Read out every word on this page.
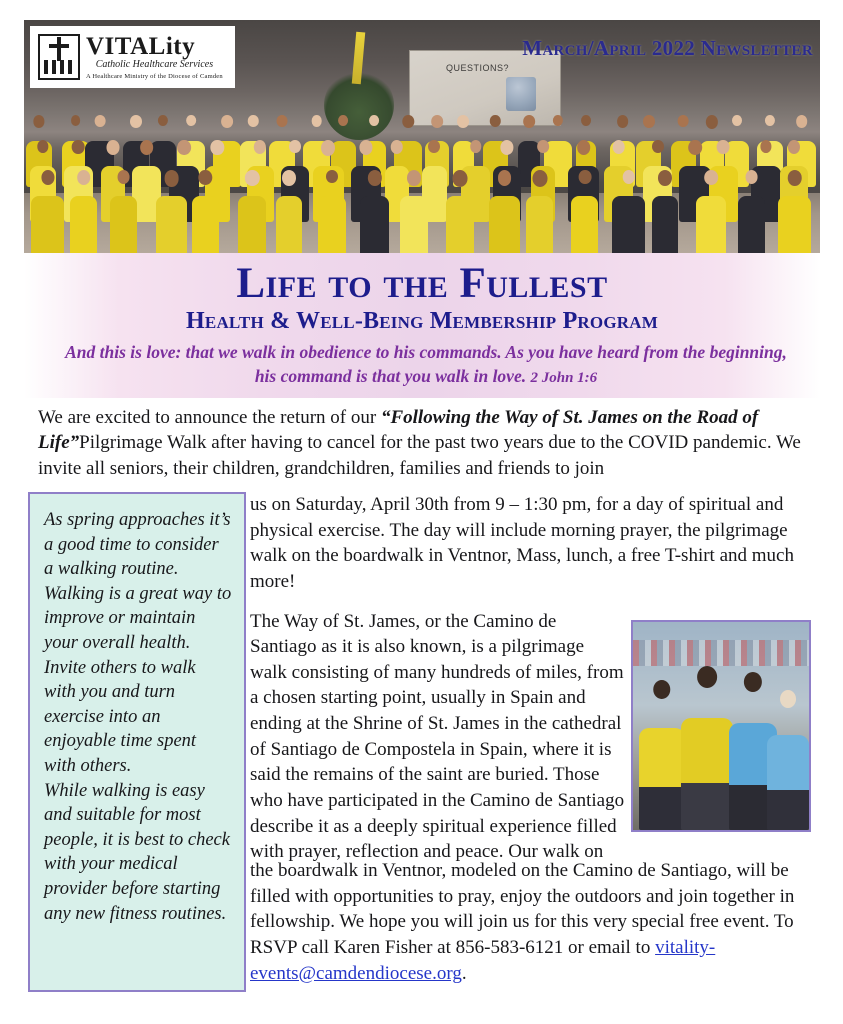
QUESTIONS?
VITALity
Catholic Healthcare Services
A Healthcare Ministry of the Diocese of Camden
March/April 2022 Newsletter
Life to the Fullest
Health & Well-Being Membership Program
And this is love: that we walk in obedience to his commands. As you have heard from the beginning, his command is that you walk in love. 2 John 1:6
We are excited to announce the return of our “Following the Way of St. James on the Road of Life”Pilgrimage Walk after having to cancel for the past two years due to the COVID pandemic. We invite all seniors, their children, grandchildren, families and friends to join

As spring approaches it’s a good time to consider a walking routine. Walking is a great way to improve or maintain your overall health. Invite others to walk with you and turn exercise into an enjoyable time spent with others.

While walking is easy and suitable for most people, it is best to check with your medical provider before starting any new fitness routines.

us on Saturday, April 30th from 9 – 1:30 pm, for a day of spiritual and physical exercise. The day will include morning prayer, the pilgrimage walk on the boardwalk in Ventnor, Mass, lunch, a free T-shirt and much more!

The Way of St. James, or the Camino de Santiago as it is also known, is a pilgrimage walk consisting of many hundreds of miles, from a chosen starting point, usually in Spain and ending at the Shrine of St. James in the cathedral of Santiago de Compostela in Spain, where it is said the remains of the saint are buried. Those who have participated in the Camino de Santiago describe it as a deeply spiritual experience filled with prayer, reflection and peace. Our walk on

the boardwalk in Ventnor, modeled on the Camino de Santiago, will be filled with opportunities to pray, enjoy the outdoors and join together in fellowship. We hope you will join us for this very special free event. To RSVP call Karen Fisher at 856-583-6121 or email to vitality-events@camdendiocese.org.
